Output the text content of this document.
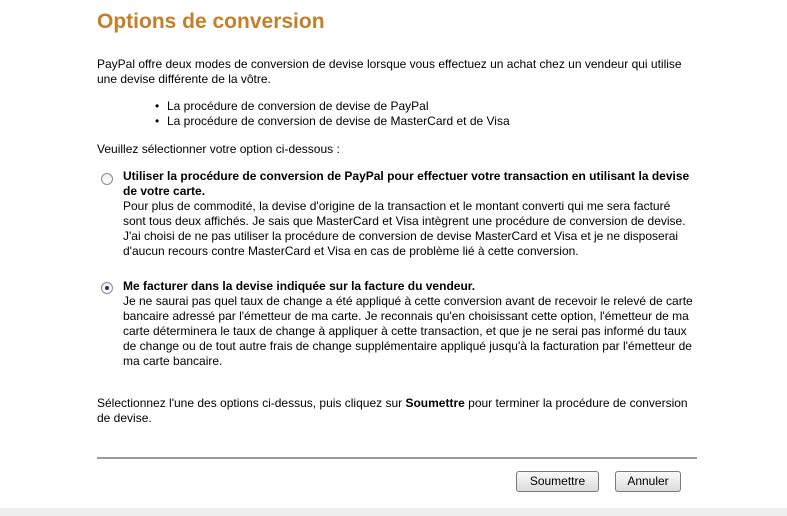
Options de conversion
PayPal offre deux modes de conversion de devise lorsque vous effectuez un achat chez un vendeur qui utilise une devise différente de la vôtre.
• La procédure de conversion de devise de PayPal
• La procédure de conversion de devise de MasterCard et de Visa
Veuillez sélectionner votre option ci-dessous :
Utiliser la procédure de conversion de PayPal pour effectuer votre transaction en utilisant la devise de votre carte.
Pour plus de commodité, la devise d'origine de la transaction et le montant converti qui me sera facturé sont tous deux affichés. Je sais que MasterCard et Visa intègrent une procédure de conversion de devise. J'ai choisi de ne pas utiliser la procédure de conversion de devise MasterCard et Visa et je ne disposerai d'aucun recours contre MasterCard et Visa en cas de problème lié à cette conversion.
Me facturer dans la devise indiquée sur la facture du vendeur.
Je ne saurai pas quel taux de change a été appliqué à cette conversion avant de recevoir le relevé de carte bancaire adressé par l'émetteur de ma carte. Je reconnais qu'en choisissant cette option, l'émetteur de ma carte déterminera le taux de change à appliquer à cette transaction, et que je ne serai pas informé du taux de change ou de tout autre frais de change supplémentaire appliqué jusqu'à la facturation par l'émetteur de ma carte bancaire.
Sélectionnez l'une des options ci-dessus, puis cliquez sur Soumettre pour terminer la procédure de conversion de devise.
Soumettre	Annuler
